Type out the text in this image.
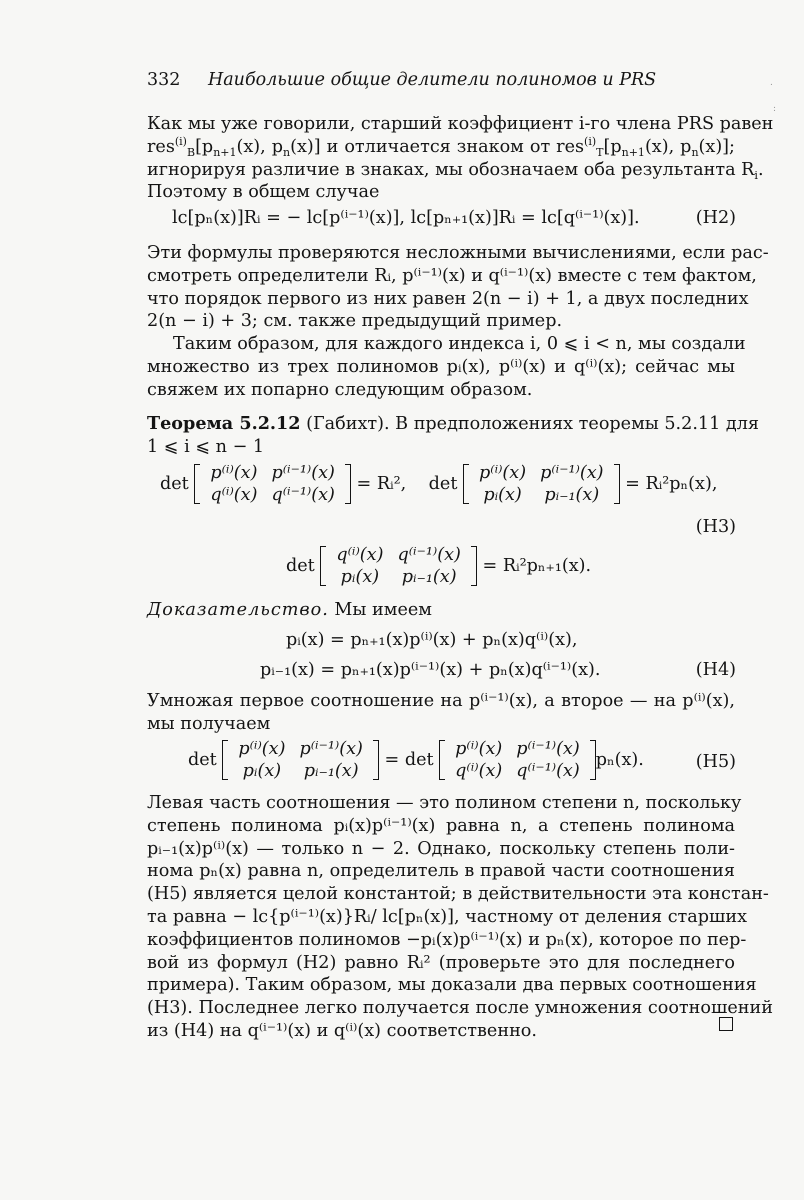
332 Наибольшие общие делители полиномов и PRS
Как мы уже говорили, старший коэффициент i-го члена PRS равен
$res^{(i)}_B[p_{n+1}(x)$, $p_n(x)$] и отличается знаком от $res^{(i)}_T[p_{n+1}(x)$, $p_n(x)$];
игнорируя различие в знаках, мы обозначаем оба результанта $R_i$.
Поэтому в общем случае
lc[pₙ(x)]Rᵢ = − lc[p⁽ⁱ⁻¹⁾(x)], lc[pₙ₊₁(x)]Rᵢ = lc[q⁽ⁱ⁻¹⁾(x)].	(H2)
Эти формулы проверяются несложными вычислениями, если рас-
смотреть определители Rᵢ, p⁽ⁱ⁻¹⁾(x) и q⁽ⁱ⁻¹⁾(x) вместе с тем фактом,
что порядок первого из них равен 2(n − i) + 1, а двух последних
2(n − i) + 3; см. также предыдущий пример.
Таким образом, для каждого индекса i, 0 ⩽ i < n, мы создали
множество из трех полиномов pᵢ(x), p⁽ⁱ⁾(x) и q⁽ⁱ⁾(x); сейчас мы
свяжем их попарно следующим образом.
Теорема 5.2.12 (Габихт). В предположениях теоремы 5.2.11 для
1 ⩽ i ⩽ n − 1
det
p⁽ⁱ⁾(x)	p⁽ⁱ⁻¹⁾(x)
q⁽ⁱ⁾(x)	q⁽ⁱ⁻¹⁾(x)
= Rᵢ², det
p⁽ⁱ⁾(x)	p⁽ⁱ⁻¹⁾(x)
pᵢ(x)	pᵢ₋₁(x)
= Rᵢ²pₙ(x),
(H3)
det
q⁽ⁱ⁾(x)	q⁽ⁱ⁻¹⁾(x)
pᵢ(x)	pᵢ₋₁(x)
= Rᵢ²pₙ₊₁(x).
Доказательство. Мы имеем
pᵢ(x) = pₙ₊₁(x)p⁽ⁱ⁾(x) + pₙ(x)q⁽ⁱ⁾(x),
pᵢ₋₁(x) = pₙ₊₁(x)p⁽ⁱ⁻¹⁾(x) + pₙ(x)q⁽ⁱ⁻¹⁾(x).	(H4)
Умножая первое соотношение на p⁽ⁱ⁻¹⁾(x), а второе — на p⁽ⁱ⁾(x),
мы получаем
det
p⁽ⁱ⁾(x)	p⁽ⁱ⁻¹⁾(x)
pᵢ(x)	pᵢ₋₁(x)
= det
p⁽ⁱ⁾(x)	p⁽ⁱ⁻¹⁾(x)
q⁽ⁱ⁾(x)	q⁽ⁱ⁻¹⁾(x)
pₙ(x).	(H5)
Левая часть соотношения — это полином степени n, поскольку
степень полинома pᵢ(x)p⁽ⁱ⁻¹⁾(x) равна n, а степень полинома
pᵢ₋₁(x)p⁽ⁱ⁾(x) — только n − 2. Однако, поскольку степень поли-
нома pₙ(x) равна n, определитель в правой части соотношения
(H5) является целой константой; в действительности эта констан-
та равна − lc{p⁽ⁱ⁻¹⁾(x)}Rᵢ/ lc[pₙ(x)], частному от деления старших
коэффициентов полиномов −pᵢ(x)p⁽ⁱ⁻¹⁾(x) и pₙ(x), которое по пер-
вой из формул (H2) равно Rᵢ² (проверьте это для последнего
примера). Таким образом, мы доказали два первых соотношения
(H3). Последнее легко получается после умножения соотношений
из (H4) на q⁽ⁱ⁻¹⁾(x) и q⁽ⁱ⁾(x) соответственно.
.
:
